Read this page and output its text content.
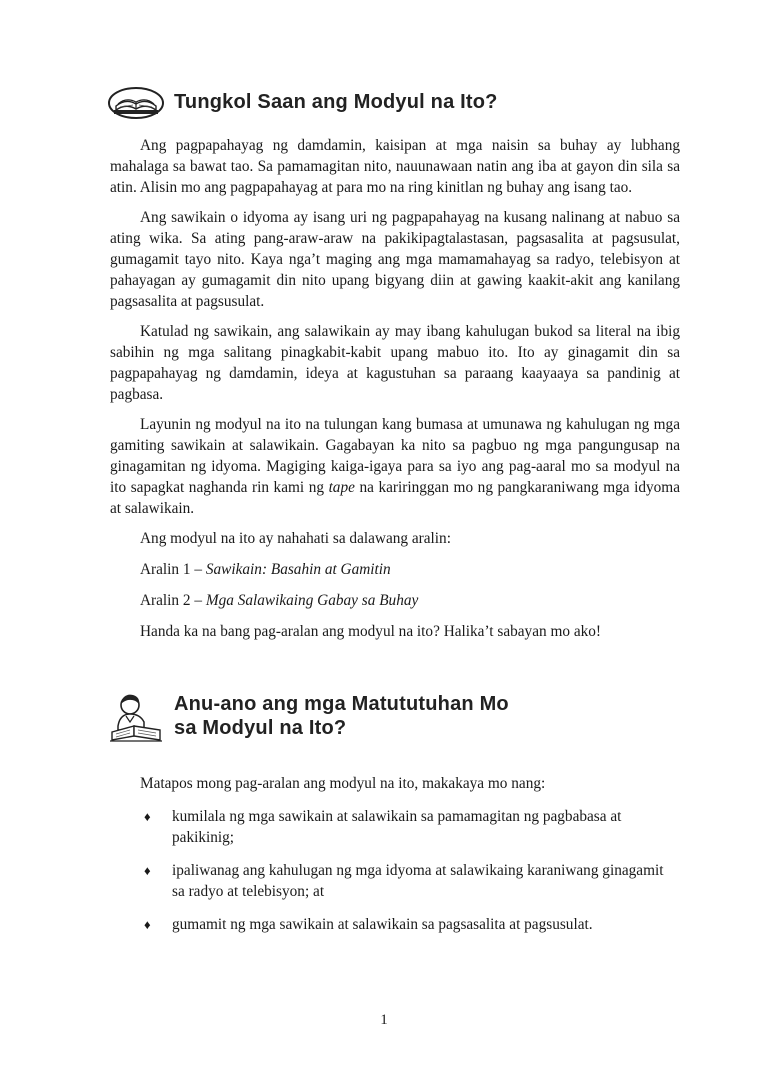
Tungkol Saan ang Modyul na Ito?

Ang pagpapahayag ng damdamin, kaisipan at mga naisin sa buhay ay lubhang mahalaga sa bawat tao. Sa pamamagitan nito, nauunawaan natin ang iba at gayon din sila sa atin. Alisin mo ang pagpapahayag at para mo na ring kinitlan ng buhay ang isang tao.

Ang sawikain o idyoma ay isang uri ng pagpapahayag na kusang nalinang at nabuo sa ating wika. Sa ating pang-araw-araw na pakikipagtalastasan, pagsasalita at pagsusulat, gumagamit tayo nito. Kaya nga’t maging ang mga mamamahayag sa radyo, telebisyon at pahayagan ay gumagamit din nito upang bigyang diin at gawing kaakit-akit ang kanilang pagsasalita at pagsusulat.

Katulad ng sawikain, ang salawikain ay may ibang kahulugan bukod sa literal na ibig sabihin ng mga salitang pinagkabit-kabit upang mabuo ito. Ito ay ginagamit din sa pagpapahayag ng damdamin, ideya at kagustuhan sa paraang kaayaaya sa pandinig at pagbasa.

Layunin ng modyul na ito na tulungan kang bumasa at umunawa ng kahulugan ng mga gamiting sawikain at salawikain. Gagabayan ka nito sa pagbuo ng mga pangungusap na ginagamitan ng idyoma. Magiging kaiga-igaya para sa iyo ang pag-aaral mo sa modyul na ito sapagkat naghanda rin kami ng tape na kariringgan mo ng pangkaraniwang mga idyoma at salawikain.

Ang modyul na ito ay nahahati sa dalawang aralin:
Aralin 1 – Sawikain: Basahin at Gamitin
Aralin 2 – Mga Salawikaing Gabay sa Buhay
Handa ka na bang pag-aralan ang modyul na ito? Halika’t sabayan mo ako!
Anu-ano ang mga Matututuhan Mo
sa Modyul na Ito?
Matapos mong pag-aralan ang modyul na ito, makakaya mo nang:
♦ kumilala ng mga sawikain at salawikain sa pamamagitan ng pagbabasa at pakikinig;
♦ ipaliwanag ang kahulugan ng mga idyoma at salawikaing karaniwang ginagamit sa radyo at telebisyon; at
♦ gumamit ng mga sawikain at salawikain sa pagsasalita at pagsusulat.
1
